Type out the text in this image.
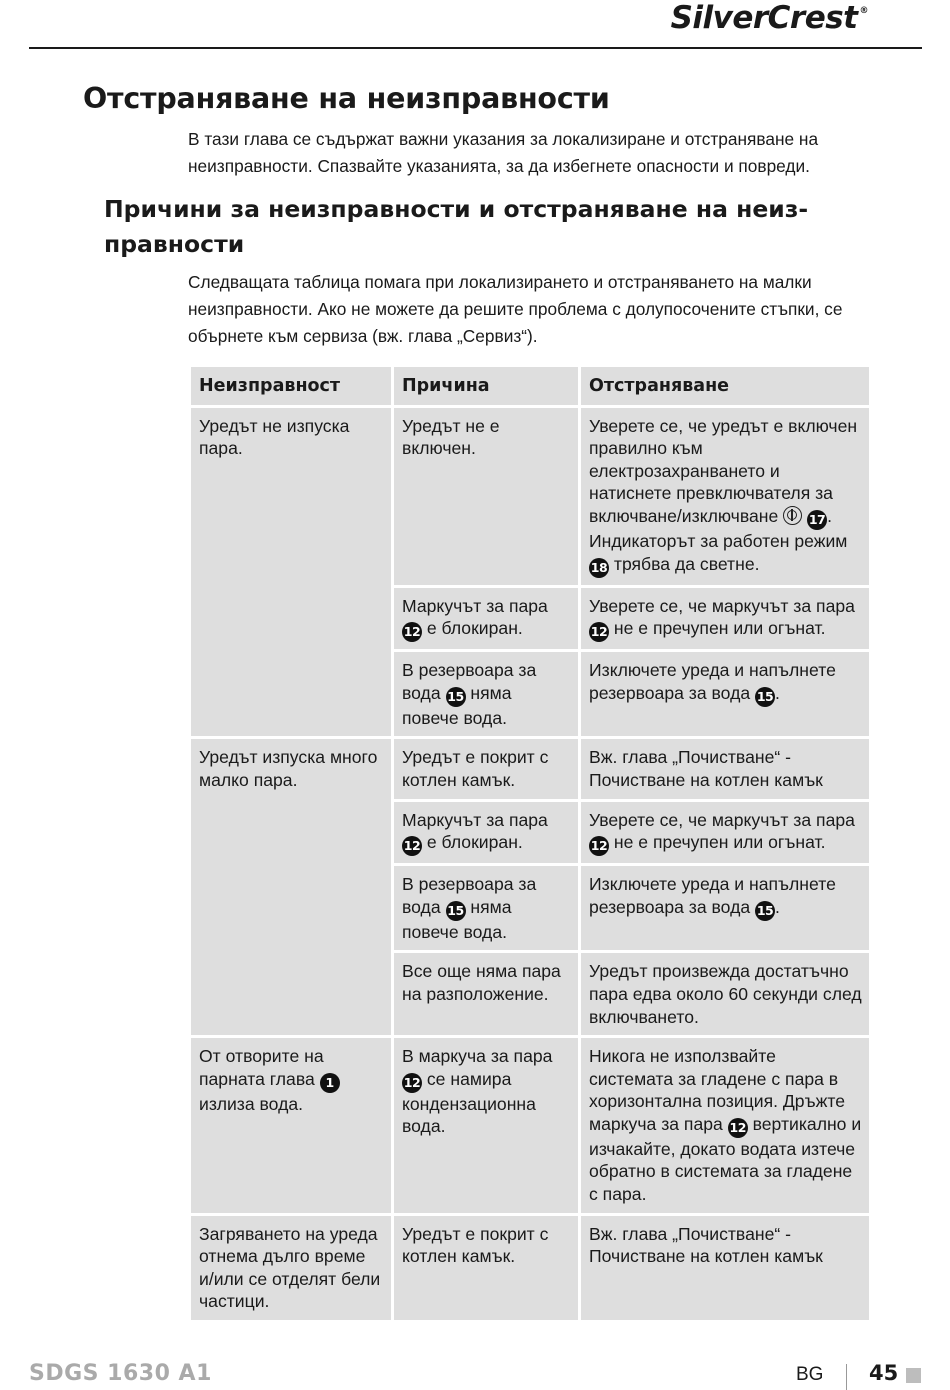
SilverCrest ®
Отстраняване на неизправности

В тази глава се съдържат важни указания за локализиране и отстраняване на неизправности. Спазвайте указанията, за да избегнете опасности и повреди.

Причини за неизправности и отстраняване на неиз-правности

Следващата таблица помага при локализирането и отстраняването на малки неизправности. Ако не можете да решите проблема с долупосочените стъпки, се обърнете към сервиза (вж. глава „Сервиз“).

Неизправност	Причина	Отстраняване
Уредът не изпуска пара.	Уредът не е включен.	Уверете се, че уредът е включен правилно към електрозахранването и натиснете превключвателя за включване/изключване  17 . Индикаторът за работен режим 18 трябва да светне.
	Маркучът за пара 12 е блокиран.	Уверете се, че маркучът за пара 12 не е пречупен или огънат.
	В резервоара за вода 15 няма повече вода.	Изключете уреда и напълнете резервоара за вода 15 .
Уредът изпуска много малко пара.	Уредът е покрит с котлен камък.	Вж. глава „Почистване“ - Почистване на котлен камък
	Маркучът за пара 12 е блокиран.	Уверете се, че маркучът за пара 12 не е пречупен или огънат.
	В резервоара за вода 15 няма повече вода.	Изключете уреда и напълнете резервоара за вода 15 .
	Все още няма пара на разположение.	Уредът произвежда достатъчно пара едва около 60 секунди след включването.
От отворите на парната глава 1 излиза вода.	В маркуча за пара 12 се намира кондензационна вода.	Никога не използвайте системата за гладене с пара в хоризонтална позиция. Дръжте маркуча за пара 12 вертикално и изчакайте, докато водата изтече обратно в системата за гладене с пара.
Загряването на уреда отнема дълго време и/или се отделят бели частици.	Уредът е покрит с котлен камък.	Вж. глава „Почистване“ - Почистване на котлен камък
SDGS 1630 A1	BG 45
